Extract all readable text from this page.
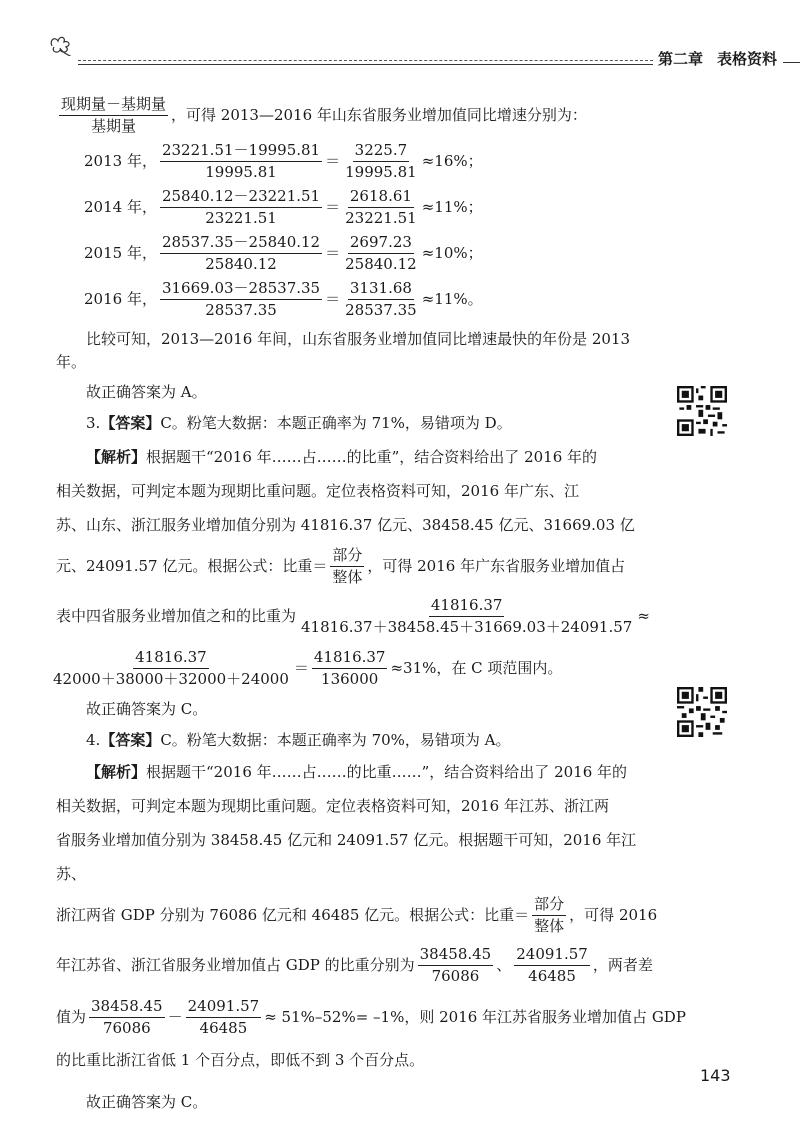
第二章 表格资料
$\frac{\text{现期量－基期量}}{\text{基期量}}$ ，可得 2013—2016 年山东省服务业增加值同比增速分别为：
2013 年， $\frac{23221.51-19995.81}{19995.81} = \frac{3225.7}{19995.81} \approx 16\%$；
2014 年， $\frac{25840.12-23221.51}{23221.51} = \frac{2618.61}{23221.51} \approx 11\%$；
2015 年， $\frac{28537.35-25840.12}{25840.12} = \frac{2697.23}{25840.12} \approx 10\%$；
2016 年， $\frac{31669.03-28537.35}{28537.35} = \frac{3131.68}{28537.35} \approx 11\%$。

比较可知，2013—2016 年间，山东省服务业增加值同比增速最快的年份是 2013 年。

故正确答案为 A。

3.【答案】C。粉笔大数据：本题正确率为 71%，易错项为 D。

【解析】根据题干“2016 年……占……的比重”，结合资料给出了 2016 年的

相关数据，可判定本题为现期比重问题。定位表格资料可知，2016 年广东、江

苏、山东、浙江服务业增加值分别为 41816.37 亿元、38458.45 亿元、31669.03 亿

元、24091.57 亿元。根据公式：比重＝ $\frac{\text{部分}}{\text{整体}}$ ，可得 2016 年广东省服务业增加值占
表中四省服务业增加值之和的比重为 $\frac{41816.37}{41816.37+38458.45+31669.03+24091.57}$ ≈
$\frac{41816.37}{42000+38000+32000+24000} = \frac{41816.37}{136000} \approx 31\%$，在 C 项范围内。

故正确答案为 C。

4.【答案】C。粉笔大数据：本题正确率为 70%，易错项为 A。

【解析】根据题干“2016 年……占……的比重……”，结合资料给出了 2016 年的

相关数据，可判定本题为现期比重问题。定位表格资料可知，2016 年江苏、浙江两

省服务业增加值分别为 38458.45 亿元和 24091.57 亿元。根据题干可知，2016 年江苏、

浙江两省 GDP 分别为 76086 亿元和 46485 亿元。根据公式：比重＝ $\frac{\text{部分}}{\text{整体}}$ ，可得 2016
年江苏省、浙江省服务业增加值占 GDP 的比重分别为 $\frac{38458.45}{76086}$ 、 $\frac{24091.57}{46485}$ ，两者差
值为 $\frac{38458.45}{76086} - \frac{24091.57}{46485} \approx 51\%-52\%= -1\%$，则 2016 年江苏省服务业增加值占 GDP

的比重比浙江省低 1 个百分点，即低不到 3 个百分点。

故正确答案为 C。

143
